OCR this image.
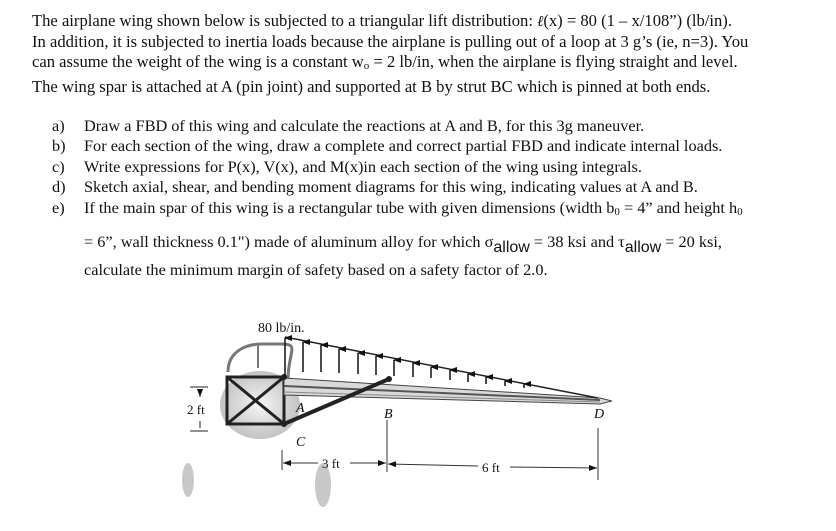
The airplane wing shown below is subjected to a triangular lift distribution: ℓ(x) = 80 (1 – x/108”) (lb/in).
In addition, it is subjected to inertia loads because the airplane is pulling out of a loop at 3 g’s (ie, n=3). You
can assume the weight of the wing is a constant wo = 2 lb/in, when the airplane is flying straight and level.
The wing spar is attached at A (pin joint) and supported at B by strut BC which is pinned at both ends.
a)	Draw a FBD of this wing and calculate the reactions at A and B, for this 3g maneuver.
b)	For each section of the wing, draw a complete and correct partial FBD and indicate internal loads.
c)	Write expressions for P(x), V(x), and M(x)in each section of the wing using integrals.
d)	Sketch axial, shear, and bending moment diagrams for this wing, indicating values at A and B.
e)	If the main spar of this wing is a rectangular tube with given dimensions (width b0 = 4” and height h0
= 6”, wall thickness 0.1") made of aluminum alloy for which σallow = 38 ksi and τallow = 20 ksi,
calculate the minimum margin of safety based on a safety factor of 2.0.
80 lb/in.
2 ft	A	B
C
D
3 ft	6 ft
